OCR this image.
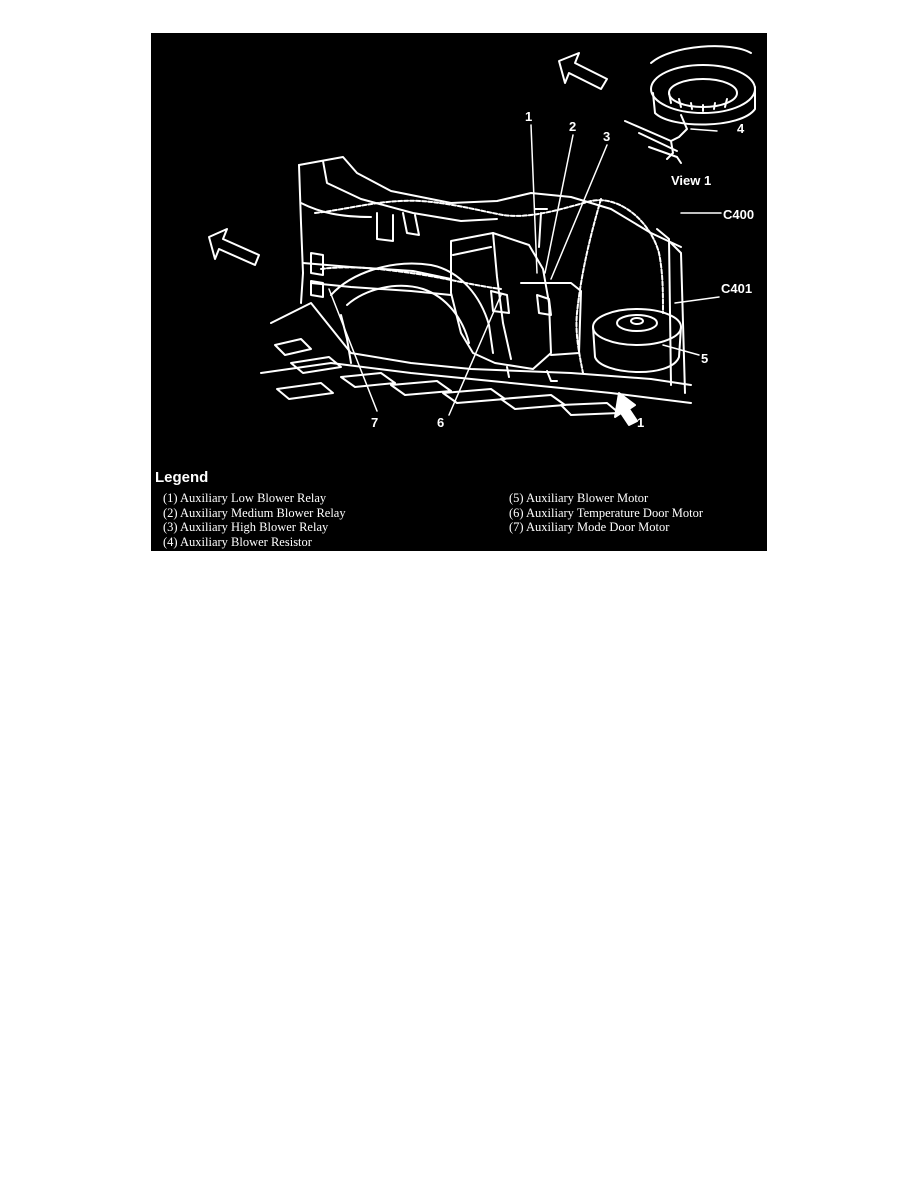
1
2
3
4
5
6
7
C400
C401
View 1
1
Legend
(1) Auxiliary Low Blower Relay
(2) Auxiliary Medium Blower Relay
(3) Auxiliary High Blower Relay
(4) Auxiliary Blower Resistor
(5) Auxiliary Blower Motor
(6) Auxiliary Temperature Door Motor
(7) Auxiliary Mode Door Motor
